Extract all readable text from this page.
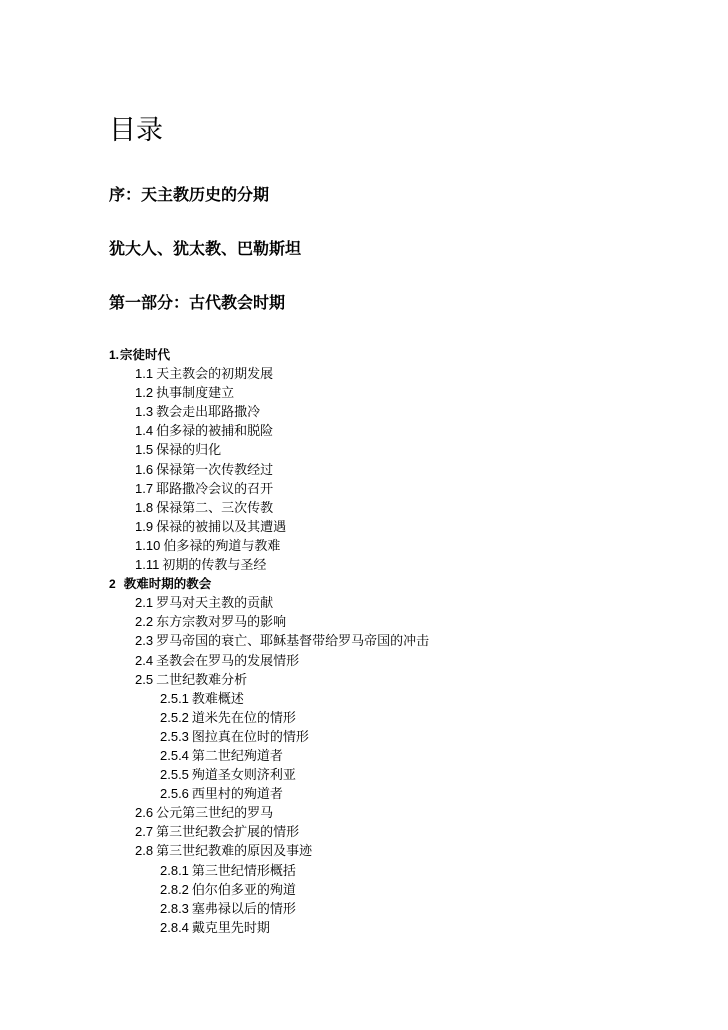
目录
序：天主教历史的分期
犹大人、犹太教、巴勒斯坦
第一部分：古代教会时期
1.宗徒时代
1.1 天主教会的初期发展
1.2 执事制度建立
1.3 教会走出耶路撒冷
1.4 伯多禄的被捕和脱险
1.5 保禄的归化
1.6 保禄第一次传教经过
1.7 耶路撒冷会议的召开
1.8 保禄第二、三次传教
1.9 保禄的被捕以及其遭遇
1.10 伯多禄的殉道与教难
1.11 初期的传教与圣经
2 教难时期的教会
2.1 罗马对天主教的贡献
2.2 东方宗教对罗马的影响
2.3 罗马帝国的衰亡、耶稣基督带给罗马帝国的冲击
2.4 圣教会在罗马的发展情形
2.5 二世纪教难分析
2.5.1 教难概述
2.5.2 道米先在位的情形
2.5.3 图拉真在位时的情形
2.5.4 第二世纪殉道者
2.5.5 殉道圣女则济利亚
2.5.6 西里村的殉道者
2.6 公元第三世纪的罗马
2.7 第三世纪教会扩展的情形
2.8 第三世纪教难的原因及事迹
2.8.1 第三世纪情形概括
2.8.2 伯尔伯多亚的殉道
2.8.3 塞弗禄以后的情形
2.8.4 戴克里先时期
